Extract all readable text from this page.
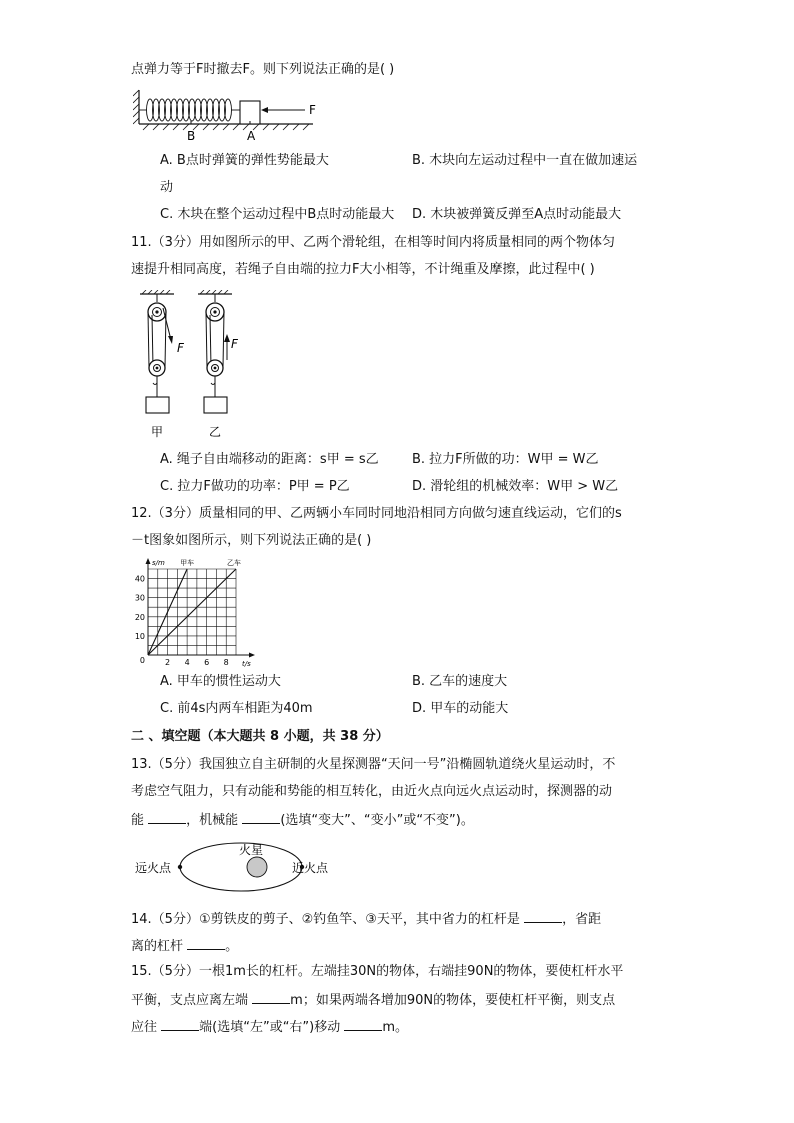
点弹力等于F时撤去F。则下列说法正确的是( )
F
B	A
A. B点时弹簧的弹性势能最大	B. 木块向左运动过程中一直在做加速运
动
C. 木块在整个运动过程中B点时动能最大 D. 木块被弹簧反弹至A点时动能最大
11.（3分）用如图所示的甲、乙两个滑轮组，在相等时间内将质量相同的两个物体匀
速提升相同高度，若绳子自由端的拉力F大小相等，不计绳重及摩擦，此过程中( )
F
甲
F
乙
A. 绳子自由端移动的距离：s甲 = s乙	B. 拉力F所做的功：W甲 = W乙
C. 拉力F做功的功率：P甲 = P乙	D. 滑轮组的机械效率：W甲 > W乙
12.（3分）质量相同的甲、乙两辆小车同时同地沿相同方向做匀速直线运动，它们的s
－t图象如图所示，则下列说法正确的是( )
10
20
30
40
2 4 6 8
0
s/m
t/s
甲车	乙车
A. 甲车的惯性运动大	B. 乙车的速度大
C. 前4s内两车相距为40m	D. 甲车的动能大
二 、填空题（本大题共 8 小题，共 38 分）
13.（5分）我国独立自主研制的火星探测器“天问一号”沿椭圆轨道绕火星运动时，不
考虑空气阻力，只有动能和势能的相互转化，由近火点向远火点运动时，探测器的动
能	，机械能	(选填“变大”、“变小”或“不变”)。
远火点
火星
近火点
14.（5分）①剪铁皮的剪子、②钓鱼竿、③天平，其中省力的杠杆是	，省距
离的杠杆	。
15.（5分）一根1m长的杠杆。左端挂30N的物体，右端挂90N的物体，要使杠杆水平
平衡，支点应离左端	m；如果两端各增加90N的物体，要使杠杆平衡，则支点
应往	端(选填“左”或“右”)移动	m。
